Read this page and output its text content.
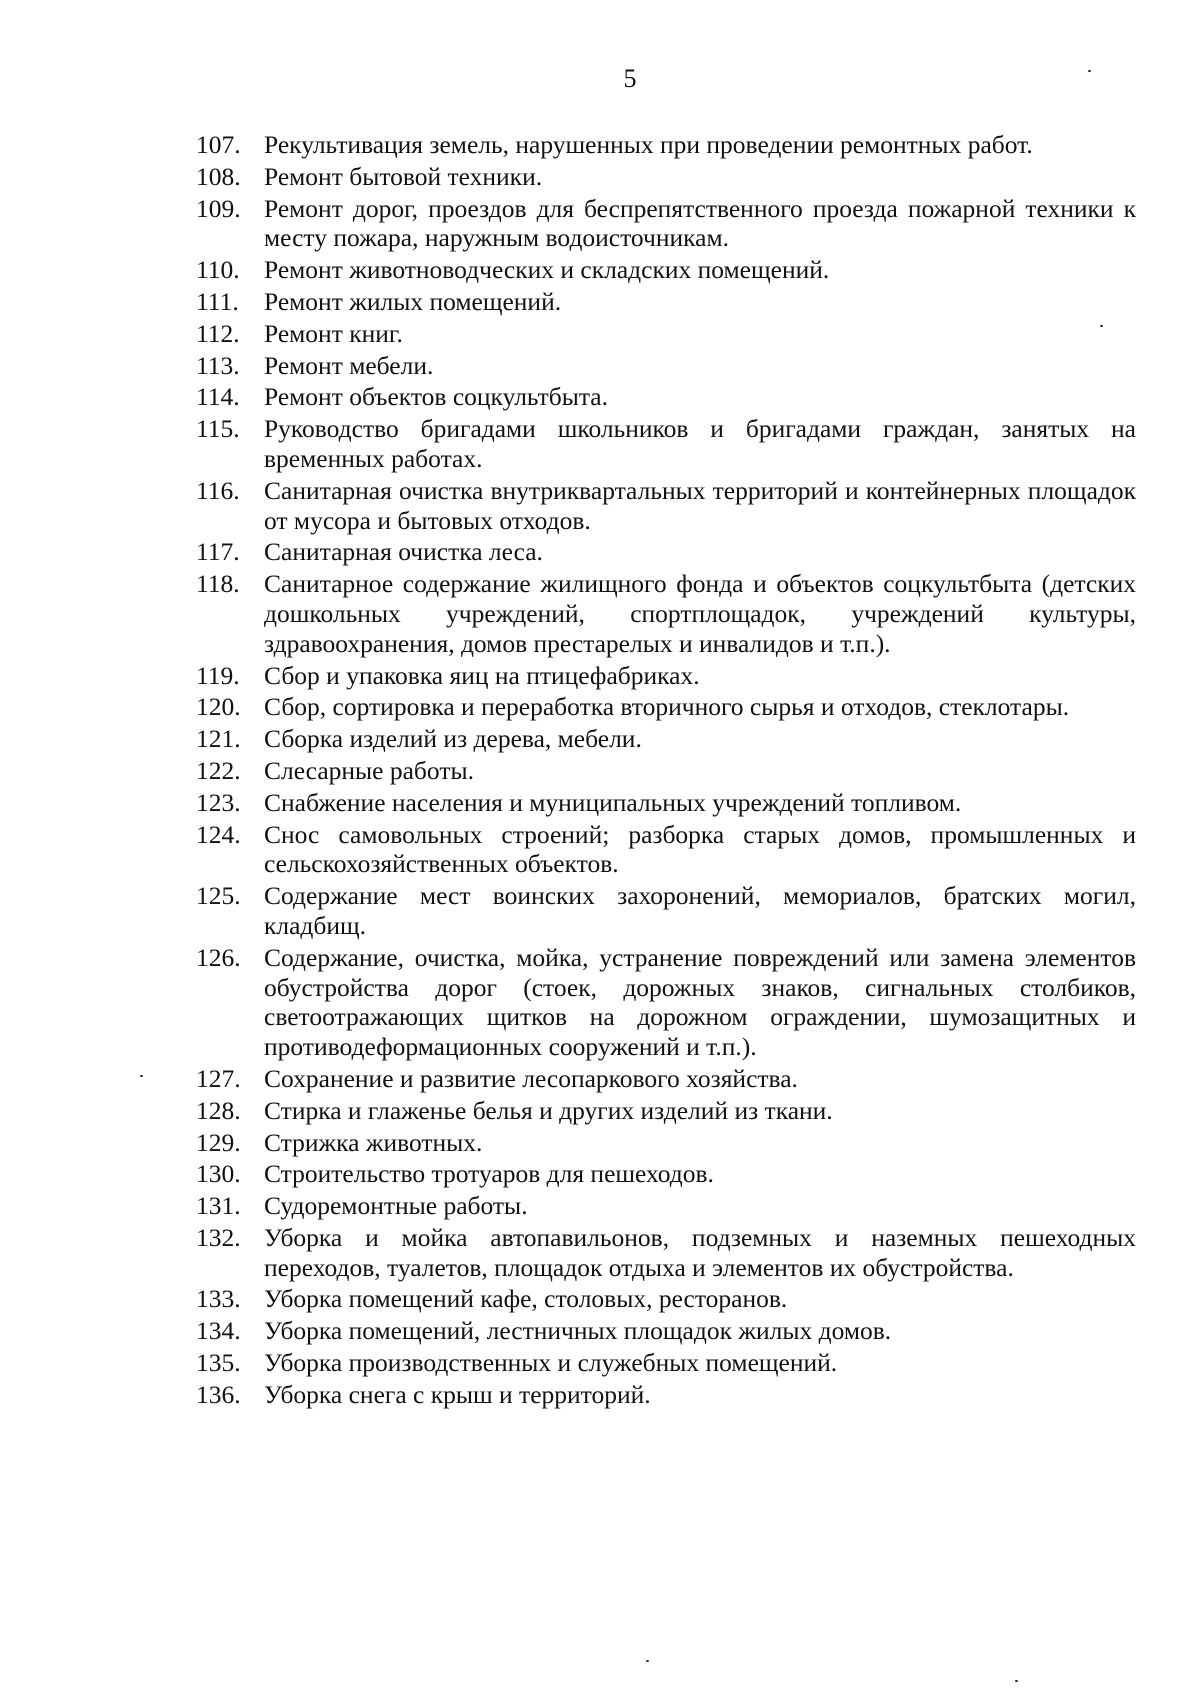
5
107. Рекультивация земель, нарушенных при проведении ремонтных работ.
108. Ремонт бытовой техники.
109. Ремонт дорог, проездов для беспрепятственного проезда пожарной техники к месту пожара, наружным водоисточникам.
110. Ремонт животноводческих и складских помещений.
111. Ремонт жилых помещений.
112. Ремонт книг.
113. Ремонт мебели.
114. Ремонт объектов соцкультбыта.
115. Руководство бригадами школьников и бригадами граждан, занятых на временных работах.
116. Санитарная очистка внутриквартальных территорий и контейнерных площадок от мусора и бытовых отходов.
117. Санитарная очистка леса.
118. Санитарное содержание жилищного фонда и объектов соцкультбыта (детских дошкольных учреждений, спортплощадок, учреждений культуры, здравоохранения, домов престарелых и инвалидов и т.п.).
119. Сбор и упаковка яиц на птицефабриках.
120. Сбор, сортировка и переработка вторичного сырья и отходов, стеклотары.
121. Сборка изделий из дерева, мебели.
122. Слесарные работы.
123. Снабжение населения и муниципальных учреждений топливом.
124. Снос самовольных строений; разборка старых домов, промышленных и сельскохозяйственных объектов.
125. Содержание мест воинских захоронений, мемориалов, братских могил, кладбищ.
126. Содержание, очистка, мойка, устранение повреждений или замена элементов обустройства дорог (стоек, дорожных знаков, сигнальных столбиков, светоотражающих щитков на дорожном ограждении, шумозащитных и противодеформационных сооружений и т.п.).
127. Сохранение и развитие лесопаркового хозяйства.
128. Стирка и глаженье белья и других изделий из ткани.
129. Стрижка животных.
130. Строительство тротуаров для пешеходов.
131. Судоремонтные работы.
132. Уборка и мойка автопавильонов, подземных и наземных пешеходных переходов, туалетов, площадок отдыха и элементов их обустройства.
133. Уборка помещений кафе, столовых, ресторанов.
134. Уборка помещений, лестничных площадок жилых домов.
135. Уборка производственных и служебных помещений.
136. Уборка снега с крыш и территорий.
